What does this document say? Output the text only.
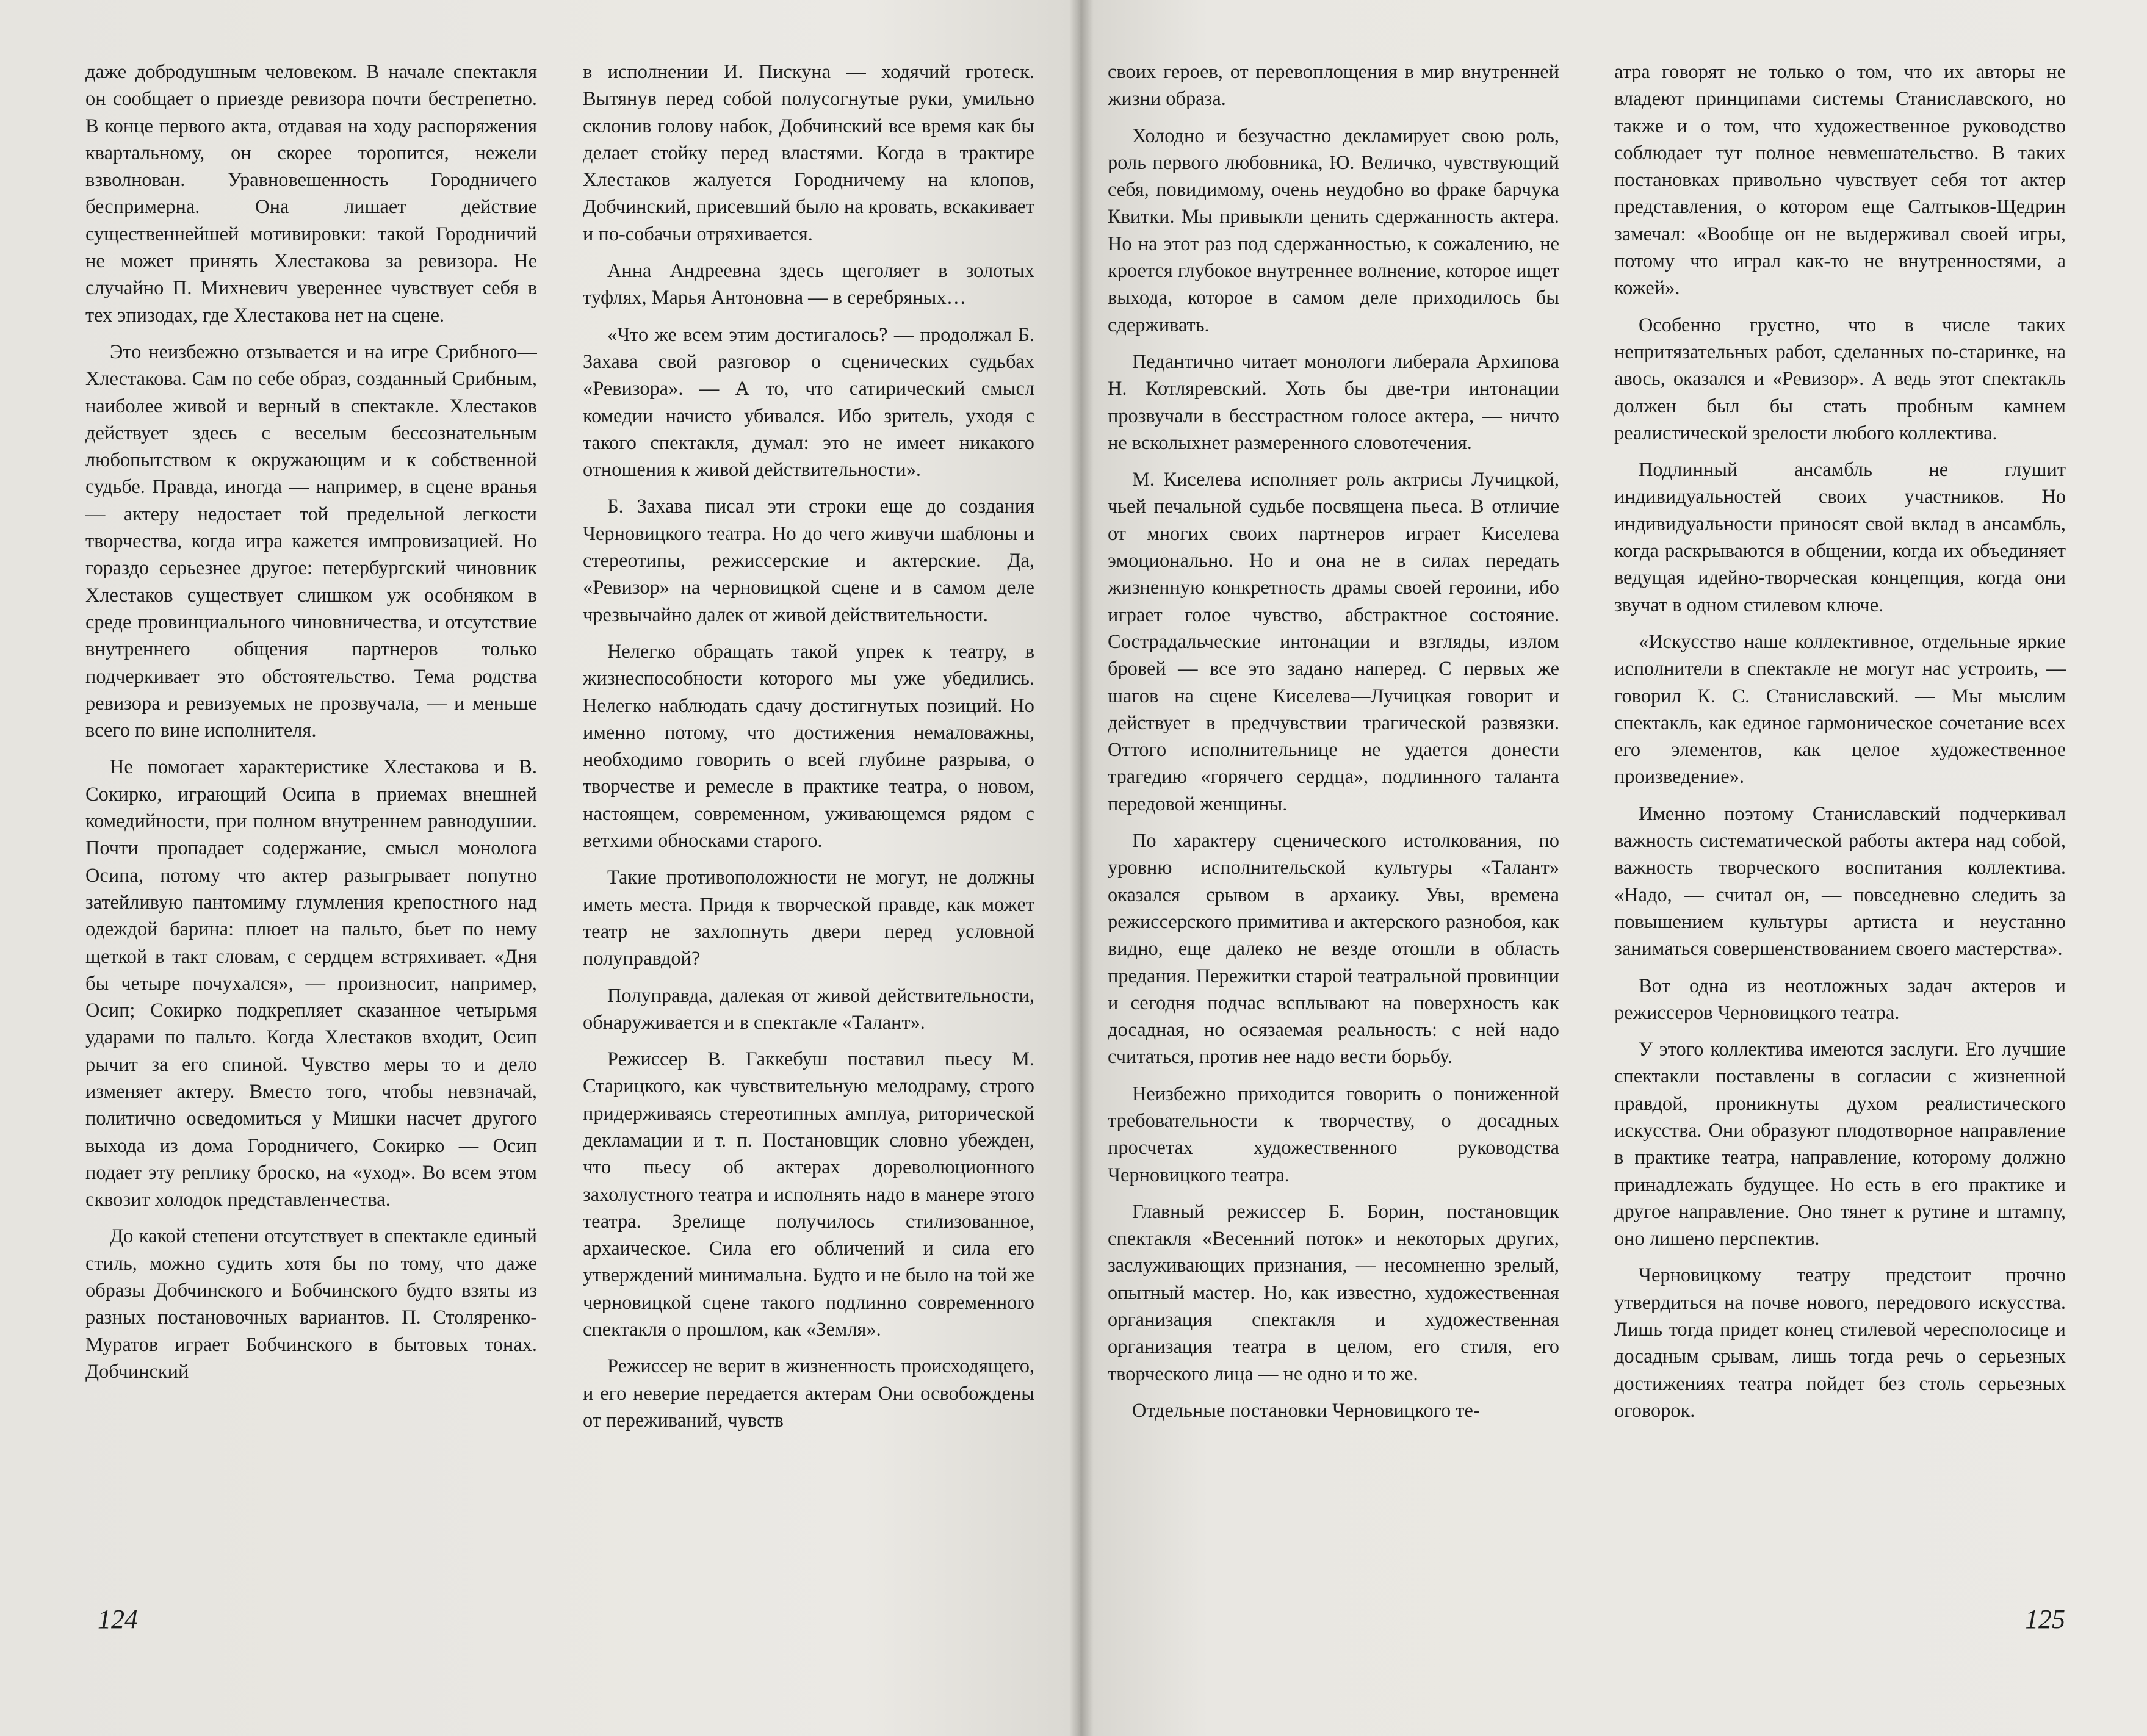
даже добродушным человеком. В начале спектакля он сообщает о приезде ревизора почти бестрепетно. В конце первого акта, отдавая на ходу распоряжения квартальному, он скорее торопится, нежели взволнован. Уравновешенность Городничего беспримерна. Она лишает действие существеннейшей мотивировки: такой Городничий не может принять Хлестакова за ревизора. Не случайно П. Михневич увереннее чувствует себя в тех эпизодах, где Хлестакова нет на сцене.

Это неизбежно отзывается и на игре Срибного—Хлестакова. Сам по себе образ, созданный Срибным, наиболее живой и верный в спектакле. Хлестаков действует здесь с веселым бессознательным любопытством к окружающим и к собственной судьбе. Правда, иногда — например, в сцене вранья — актеру недостает той предельной легкости творчества, когда игра кажется импровизацией. Но гораздо серьезнее другое: петербургский чиновник Хлестаков существует слишком уж особняком в среде провинциального чиновничества, и отсутствие внутреннего общения партнеров только подчеркивает это обстоятельство. Тема родства ревизора и ревизуемых не прозвучала, — и меньше всего по вине исполнителя.

Не помогает характеристике Хлестакова и В. Сокирко, играющий Осипа в приемах внешней комедийности, при полном внутреннем равнодушии. Почти пропадает содержание, смысл монолога Осипа, потому что актер разыгрывает попутно затейливую пантомиму глумления крепостного над одеждой барина: плюет на пальто, бьет по нему щеткой в такт словам, с сердцем встряхивает. «Дня бы четыре почухался», — произносит, например, Осип; Сокирко подкрепляет сказанное четырьмя ударами по пальто. Когда Хлестаков входит, Осип рычит за его спиной. Чувство меры то и дело изменяет актеру. Вместо того, чтобы невзначай, политично осведомиться у Мишки насчет другого выхода из дома Городничего, Сокирко — Осип подает эту реплику броско, на «уход». Во всем этом сквозит холодок представленчества.

До какой степени отсутствует в спектакле единый стиль, можно судить хотя бы по тому, что даже образы Добчинского и Бобчинского будто взяты из разных постановочных вариантов. П. Столяренко-Муратов играет Бобчинского в бытовых тонах. Добчинский

в исполнении И. Пискуна — ходячий гротеск. Вытянув перед собой полусогнутые руки, умильно склонив голову набок, Добчинский все время как бы делает стойку перед властями. Когда в трактире Хлестаков жалуется Городничему на клопов, Добчинский, присевший было на кровать, вскакивает и по-собачьи отряхивается.

Анна Андреевна здесь щеголяет в золотых туфлях, Марья Антоновна — в серебряных…

«Что же всем этим достигалось? — продолжал Б. Захава свой разговор о сценических судьбах «Ревизора». — А то, что сатирический смысл комедии начисто убивался. Ибо зритель, уходя с такого спектакля, думал: это не имеет никакого отношения к живой действительности».

Б. Захава писал эти строки еще до создания Черновицкого театра. Но до чего живучи шаблоны и стереотипы, режиссерские и актерские. Да, «Ревизор» на черновицкой сцене и в самом деле чрезвычайно далек от живой действительности.

Нелегко обращать такой упрек к театру, в жизнеспособности которого мы уже убедились. Нелегко наблюдать сдачу достигнутых позиций. Но именно потому, что достижения немаловажны, необходимо говорить о всей глубине разрыва, о творчестве и ремесле в практике театра, о новом, настоящем, современном, уживающемся рядом с ветхими обносками старого.

Такие противоположности не могут, не должны иметь места. Придя к творческой правде, как может театр не захлопнуть двери перед условной полуправдой?

Полуправда, далекая от живой действительности, обнаруживается и в спектакле «Талант».

Режиссер В. Гаккебуш поставил пьесу М. Старицкого, как чувствительную мелодраму, строго придерживаясь стереотипных амплуа, риторической декламации и т. п. Постановщик словно убежден, что пьесу об актерах дореволюционного захолустного театра и исполнять надо в манере этого театра. Зрелище получилось стилизованное, архаическое. Сила его обличений и сила его утверждений минимальна. Будто и не было на той же черновицкой сцене такого подлинно современного спектакля о прошлом, как «Земля».

Режиссер не верит в жизненность происходящего, и его неверие передается актерам Они освобождены от переживаний, чувств

124

своих героев, от перевоплощения в мир внутренней жизни образа.

Холодно и безучастно декламирует свою роль, роль первого любовника, Ю. Величко, чувствующий себя, повидимому, очень неудобно во фраке барчука Квитки. Мы привыкли ценить сдержанность актера. Но на этот раз под сдержанностью, к сожалению, не кроется глубокое внутреннее волнение, которое ищет выхода, которое в самом деле приходилось бы сдерживать.

Педантично читает монологи либерала Архипова Н. Котляревский. Хоть бы две-три интонации прозвучали в бесстрастном голосе актера, — ничто не всколыхнет размеренного словотечения.

М. Киселева исполняет роль актрисы Лучицкой, чьей печальной судьбе посвящена пьеса. В отличие от многих своих партнеров играет Киселева эмоционально. Но и она не в силах передать жизненную конкретность драмы своей героини, ибо играет голое чувство, абстрактное состояние. Сострадальческие интонации и взгляды, излом бровей — все это задано наперед. С первых же шагов на сцене Киселева—Лучицкая говорит и действует в предчувствии трагической развязки. Оттого исполнительнице не удается донести трагедию «горячего сердца», подлинного таланта передовой женщины.

По характеру сценического истолкования, по уровню исполнительской культуры «Талант» оказался срывом в архаику. Увы, времена режиссерского примитива и актерского разнобоя, как видно, еще далеко не везде отошли в область предания. Пережитки старой театральной провинции и сегодня подчас всплывают на поверхность как досадная, но осязаемая реальность: с ней надо считаться, против нее надо вести борьбу.

Неизбежно приходится говорить о пониженной требовательности к творчеству, о досадных просчетах художественного руководства Черновицкого театра.

Главный режиссер Б. Борин, постановщик спектакля «Весенний поток» и некоторых других, заслуживающих признания, — несомненно зрелый, опытный мастер. Но, как известно, художественная организация спектакля и художественная организация театра в целом, его стиля, его творческого лица — не одно и то же.

Отдельные постановки Черновицкого те-

атра говорят не только о том, что их авторы не владеют принципами системы Станиславского, но также и о том, что художественное руководство соблюдает тут полное невмешательство. В таких постановках привольно чувствует себя тот актер представления, о котором еще Салтыков-Щедрин замечал: «Вообще он не выдерживал своей игры, потому что играл как-то не внутренностями, а кожей».

Особенно грустно, что в числе таких непритязательных работ, сделанных по-старинке, на авось, оказался и «Ревизор». А ведь этот спектакль должен был бы стать пробным камнем реалистической зрелости любого коллектива.

Подлинный ансамбль не глушит индивидуальностей своих участников. Но индивидуальности приносят свой вклад в ансамбль, когда раскрываются в общении, когда их объединяет ведущая идейно-творческая концепция, когда они звучат в одном стилевом ключе.

«Искусство наше коллективное, отдельные яркие исполнители в спектакле не могут нас устроить, — говорил К. С. Станиславский. — Мы мыслим спектакль, как единое гармоническое сочетание всех его элементов, как целое художественное произведение».

Именно поэтому Станиславский подчеркивал важность систематической работы актера над собой, важность творческого воспитания коллектива. «Надо, — считал он, — повседневно следить за повышением культуры артиста и неустанно заниматься совершенствованием своего мастерства».

Вот одна из неотложных задач актеров и режиссеров Черновицкого театра.

У этого коллектива имеются заслуги. Его лучшие спектакли поставлены в согласии с жизненной правдой, проникнуты духом реалистического искусства. Они образуют плодотворное направление в практике театра, направление, которому должно принадлежать будущее. Но есть в его практике и другое направление. Оно тянет к рутине и штампу, оно лишено перспектив.

Черновицкому театру предстоит прочно утвердиться на почве нового, передового искусства. Лишь тогда придет конец стилевой чересполосице и досадным срывам, лишь тогда речь о серьезных достижениях театра пойдет без столь серьезных оговорок.

125
